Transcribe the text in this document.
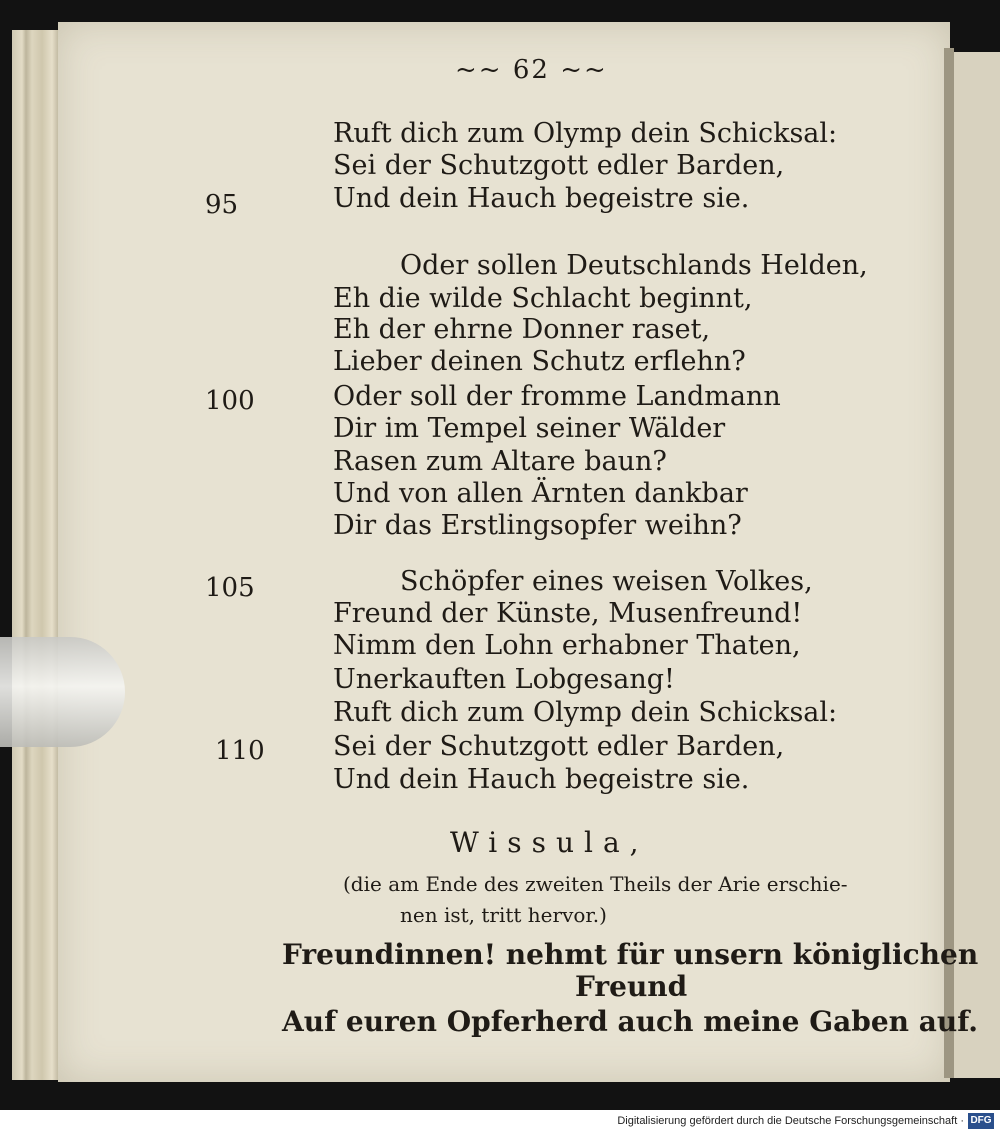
~~ 62 ~~
Ruft dich zum Olymp dein Schicksal:
Sei der Schutzgott edler Barden,
Und dein Hauch begeistre sie.
Oder sollen Deutschlands Helden,
Eh die wilde Schlacht beginnt,
Eh der ehrne Donner raset,
Lieber deinen Schutz erflehn?
Oder soll der fromme Landmann
Dir im Tempel seiner Wälder
Rasen zum Altare baun?
Und von allen Ärnten dankbar
Dir das Erstlingsopfer weihn?
Schöpfer eines weisen Volkes,
Freund der Künste, Musenfreund!
Nimm den Lohn erhabner Thaten,
Unerkauften Lobgesang!
Ruft dich zum Olymp dein Schicksal:
Sei der Schutzgott edler Barden,
Und dein Hauch begeistre sie.
95
100
105
110
Wissula,
(die am Ende des zweiten Theils der Arie erschie-
nen ist, tritt hervor.)
Freundinnen! nehmt für unsern königlichen
Freund
Auf euren Opferherd auch meine Gaben auf.
Digitalisierung gefördert durch die Deutsche Forschungsgemeinschaft · DFG
